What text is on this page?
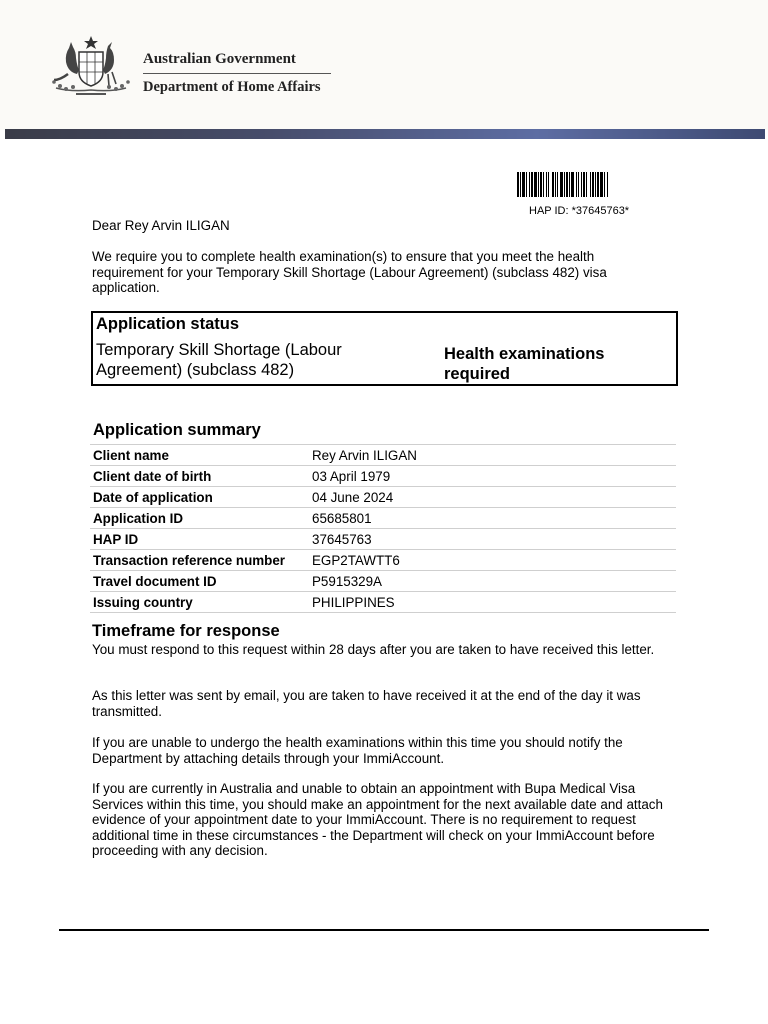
Australian Government
Department of Home Affairs
HAP ID: *37645763*

Dear Rey Arvin ILIGAN

We require you to complete health examination(s) to ensure that you meet the health requirement for your Temporary Skill Shortage (Labour Agreement) (subclass 482) visa application.

Application status
Temporary Skill Shortage (Labour Agreement) (subclass 482)
Health examinations required
Application summary
Client name	Rey Arvin ILIGAN
Client date of birth	03 April 1979
Date of application	04 June 2024
Application ID	65685801
HAP ID	37645763
Transaction reference number	EGP2TAWTT6
Travel document ID	P5915329A
Issuing country	PHILIPPINES
Timeframe for response

You must respond to this request within 28 days after you are taken to have received this letter.

As this letter was sent by email, you are taken to have received it at the end of the day it was transmitted.

If you are unable to undergo the health examinations within this time you should notify the Department by attaching details through your ImmiAccount.

If you are currently in Australia and unable to obtain an appointment with Bupa Medical Visa Services within this time, you should make an appointment for the next available date and attach evidence of your appointment date to your ImmiAccount. There is no requirement to request additional time in these circumstances - the Department will check on your ImmiAccount before proceeding with any decision.
